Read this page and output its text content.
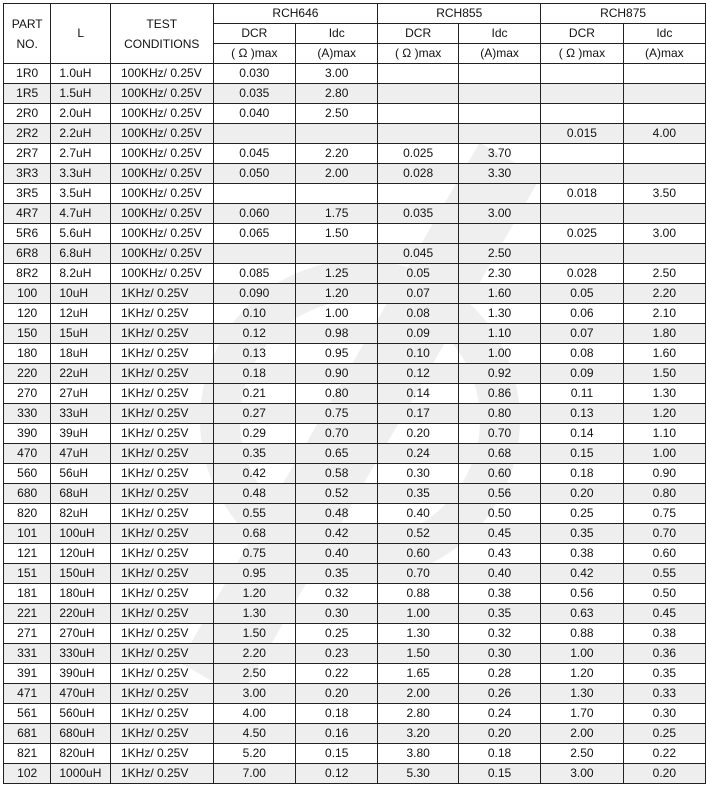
PART NO.	L	TEST CONDITIONS	RCH646		RCH855		RCH875	
			DCR	Idc	DCR	Idc	DCR	Idc
			( Ω )max	(A)max	( Ω )max	(A)max	( Ω )max	(A)max
1R0	1.0uH	100KHz/ 0.25V	0.030	3.00				
1R5	1.5uH	100KHz/ 0.25V	0.035	2.80				
2R0	2.0uH	100KHz/ 0.25V	0.040	2.50				
2R2	2.2uH	100KHz/ 0.25V					0.015	4.00
2R7	2.7uH	100KHz/ 0.25V	0.045	2.20	0.025	3.70		
3R3	3.3uH	100KHz/ 0.25V	0.050	2.00	0.028	3.30		
3R5	3.5uH	100KHz/ 0.25V					0.018	3.50
4R7	4.7uH	100KHz/ 0.25V	0.060	1.75	0.035	3.00		
5R6	5.6uH	100KHz/ 0.25V	0.065	1.50			0.025	3.00
6R8	6.8uH	100KHz/ 0.25V			0.045	2.50		
8R2	8.2uH	100KHz/ 0.25V	0.085	1.25	0.05	2.30	0.028	2.50
100	10uH	1KHz/ 0.25V	0.090	1.20	0.07	1.60	0.05	2.20
120	12uH	1KHz/ 0.25V	0.10	1.00	0.08	1.30	0.06	2.10
150	15uH	1KHz/ 0.25V	0.12	0.98	0.09	1.10	0.07	1.80
180	18uH	1KHz/ 0.25V	0.13	0.95	0.10	1.00	0.08	1.60
220	22uH	1KHz/ 0.25V	0.18	0.90	0.12	0.92	0.09	1.50
270	27uH	1KHz/ 0.25V	0.21	0.80	0.14	0.86	0.11	1.30
330	33uH	1KHz/ 0.25V	0.27	0.75	0.17	0.80	0.13	1.20
390	39uH	1KHz/ 0.25V	0.29	0.70	0.20	0.70	0.14	1.10
470	47uH	1KHz/ 0.25V	0.35	0.65	0.24	0.68	0.15	1.00
560	56uH	1KHz/ 0.25V	0.42	0.58	0.30	0.60	0.18	0.90
680	68uH	1KHz/ 0.25V	0.48	0.52	0.35	0.56	0.20	0.80
820	82uH	1KHz/ 0.25V	0.55	0.48	0.40	0.50	0.25	0.75
101	100uH	1KHz/ 0.25V	0.68	0.42	0.52	0.45	0.35	0.70
121	120uH	1KHz/ 0.25V	0.75	0.40	0.60	0.43	0.38	0.60
151	150uH	1KHz/ 0.25V	0.95	0.35	0.70	0.40	0.42	0.55
181	180uH	1KHz/ 0.25V	1.20	0.32	0.88	0.38	0.56	0.50
221	220uH	1KHz/ 0.25V	1.30	0.30	1.00	0.35	0.63	0.45
271	270uH	1KHz/ 0.25V	1.50	0.25	1.30	0.32	0.88	0.38
331	330uH	1KHz/ 0.25V	2.20	0.23	1.50	0.30	1.00	0.36
391	390uH	1KHz/ 0.25V	2.50	0.22	1.65	0.28	1.20	0.35
471	470uH	1KHz/ 0.25V	3.00	0.20	2.00	0.26	1.30	0.33
561	560uH	1KHz/ 0.25V	4.00	0.18	2.80	0.24	1.70	0.30
681	680uH	1KHz/ 0.25V	4.50	0.16	3.20	0.20	2.00	0.25
821	820uH	1KHz/ 0.25V	5.20	0.15	3.80	0.18	2.50	0.22
102	1000uH	1KHz/ 0.25V	7.00	0.12	5.30	0.15	3.00	0.20
